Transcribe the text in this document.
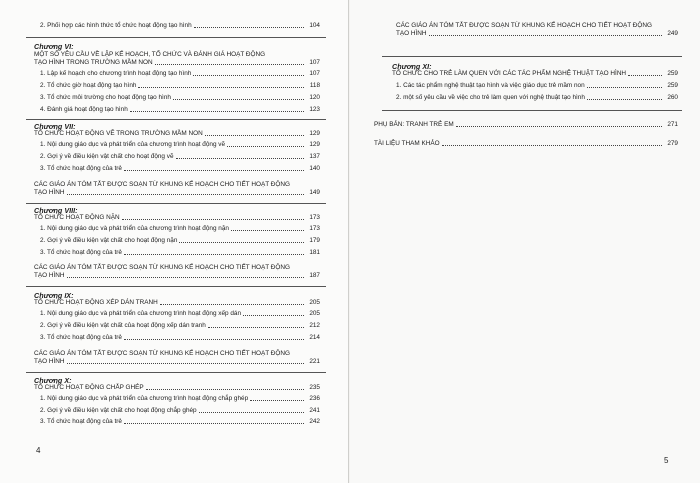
2. Phối hợp các hình thức tổ chức hoạt động tạo hình	104
Chương VI:
MỘT SỐ YÊU CẦU VỀ LẬP KẾ HOẠCH, TỔ CHỨC VÀ ĐÁNH GIÁ HOẠT ĐỘNG
TẠO HÌNH TRONG TRƯỜNG MẦM NON	107
1. Lập kế hoạch cho chương trình hoạt động tạo hình	107
2. Tổ chức giờ hoạt động tạo hình	118
3. Tổ chức môi trường cho hoạt động tạo hình	120
4. Đánh giá hoạt động tạo hình	123
Chương VII:
TỔ CHỨC HOẠT ĐỘNG VẼ TRONG TRƯỜNG MẦM NON	129
1. Nội dung giáo dục và phát triển của chương trình hoạt động vẽ	129
2. Gợi ý về điều kiện vật chất cho hoạt động vẽ	137
3. Tổ chức hoạt động của trẻ	140
CÁC GIÁO ÁN TÓM TẮT ĐƯỢC SOẠN TỪ KHUNG KẾ HOẠCH CHO TIẾT HOẠT ĐỘNG
TẠO HÌNH	149
Chương VIII:
TỔ CHỨC HOẠT ĐỘNG NẶN	173
1. Nội dung giáo dục và phát triển của chương trình hoạt động nặn	173
2. Gợi ý về điều kiện vật chất cho hoạt động nặn	179
3. Tổ chức hoạt động của trẻ	181
CÁC GIÁO ÁN TÓM TẮT ĐƯỢC SOẠN TỪ KHUNG KẾ HOẠCH CHO TIẾT HOẠT ĐỘNG
TẠO HÌNH	187
Chương IX:
TỔ CHỨC HOẠT ĐỘNG XÉP DÁN TRANH	205
1. Nội dung giáo dục và phát triển của chương trình hoạt động xếp dán	205
2. Gợi ý về điều kiện vật chất của hoạt động xếp dán tranh	212
3. Tổ chức hoạt động của trẻ	214
CÁC GIÁO ÁN TÓM TẮT ĐƯỢC SOẠN TỪ KHUNG KẾ HOẠCH CHO TIẾT HOẠT ĐỘNG
TẠO HÌNH	221
Chương X:
TỔ CHỨC HOẠT ĐỘNG CHẮP GHÉP	235
1. Nội dung giáo dục và phát triển của chương trình hoạt động chắp ghép	236
2. Gợi ý về điều kiện vật chất cho hoạt động chắp ghép	241
3. Tổ chức hoạt động của trẻ	242
4
CÁC GIÁO ÁN TÓM TẮT ĐƯỢC SOẠN TỪ KHUNG KẾ HOẠCH CHO TIẾT HOẠT ĐỘNG
TẠO HÌNH	249
Chương XI:
TỔ CHỨC CHO TRẺ LÀM QUEN VỚI CÁC TÁC PHẨM NGHỆ THUẬT TẠO HÌNH	259
1. Các tác phẩm nghệ thuật tạo hình và việc giáo dục trẻ mầm non	259
2. một số yêu cầu về việc cho trẻ làm quen với nghệ thuật tạo hình	260
PHỤ BẢN: TRANH TRẺ EM	271
TÀI LIỆU THAM KHẢO	279
5
